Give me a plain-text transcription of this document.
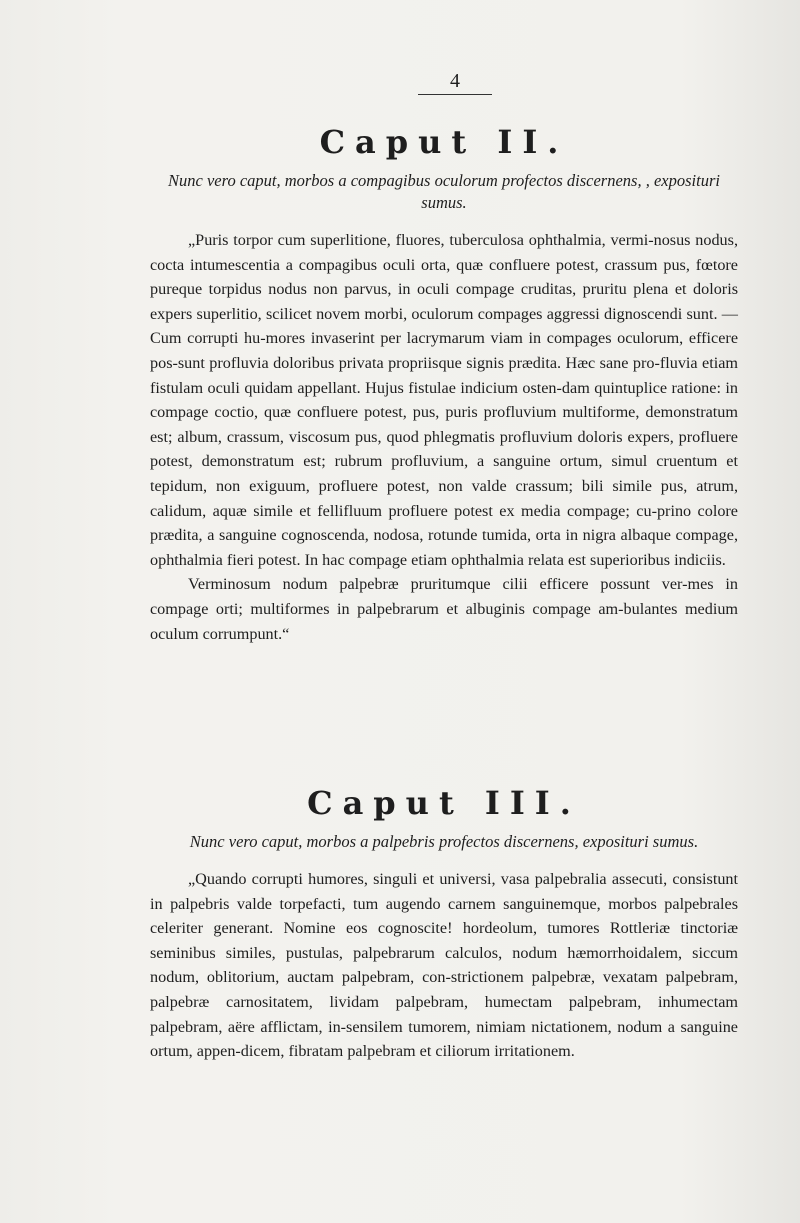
4
Caput II.

Nunc vero caput, morbos a compagibus oculorum profectos discernens, , exposituri sumus.

„Puris torpor cum superlitione, fluores, tuberculosa ophthalmia, vermi-nosus nodus, cocta intumescentia a compagibus oculi orta, quæ confluere potest, crassum pus, fœtore pureque torpidus nodus non parvus, in oculi compage cruditas, pruritu plena et doloris expers superlitio, scilicet novem morbi, oculorum compages aggressi dignoscendi sunt. — Cum corrupti hu-mores invaserint per lacrymarum viam in compages oculorum, efficere pos-sunt profluvia doloribus privata propriisque signis prædita. Hæc sane pro-fluvia etiam fistulam oculi quidam appellant. Hujus fistulae indicium osten-dam quintuplice ratione: in compage coctio, quæ confluere potest, pus, puris profluvium multiforme, demonstratum est; album, crassum, viscosum pus, quod phlegmatis profluvium doloris expers, profluere potest, demonstratum est; rubrum profluvium, a sanguine ortum, simul cruentum et tepidum, non exiguum, profluere potest, non valde crassum; bili simile pus, atrum, calidum, aquæ simile et fellifluum profluere potest ex media compage; cu-prino colore prædita, a sanguine cognoscenda, nodosa, rotunde tumida, orta in nigra albaque compage, ophthalmia fieri potest. In hac compage etiam ophthalmia relata est superioribus indiciis.

Verminosum nodum palpebræ pruritumque cilii efficere possunt ver-mes in compage orti; multiformes in palpebrarum et albuginis compage am-bulantes medium oculum corrumpunt.“

Caput III.

Nunc vero caput, morbos a palpebris profectos discernens, exposituri sumus.

„Quando corrupti humores, singuli et universi, vasa palpebralia assecuti, consistunt in palpebris valde torpefacti, tum augendo carnem sanguinemque, morbos palpebrales celeriter generant. Nomine eos cognoscite! hordeolum, tumores Rottleriæ tinctoriæ seminibus similes, pustulas, palpebrarum calculos, nodum hæmorrhoidalem, siccum nodum, oblitorium, auctam palpebram, con-strictionem palpebræ, vexatam palpebram, palpebræ carnositatem, lividam palpebram, humectam palpebram, inhumectam palpebram, aëre afflictam, in-sensilem tumorem, nimiam nictationem, nodum a sanguine ortum, appen-dicem, fibratam palpebram et ciliorum irritationem.
